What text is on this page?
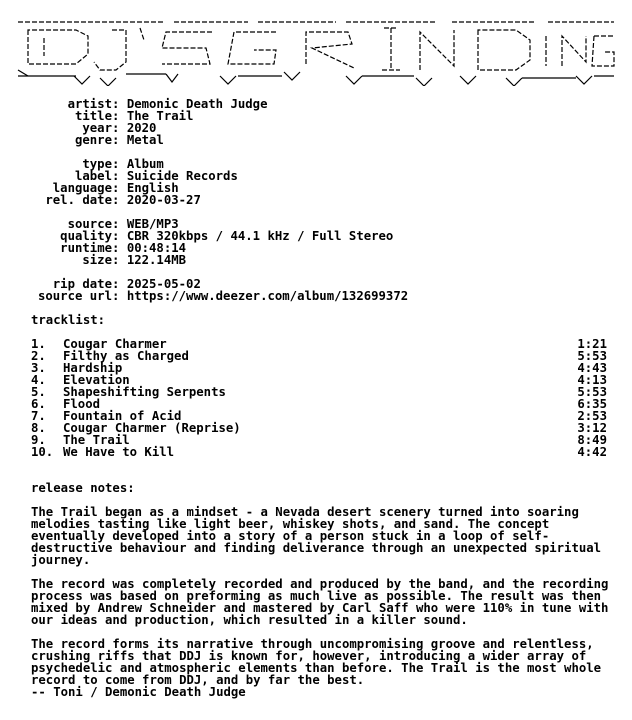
artist: Demonic Death Judge
title: The Trail
year: 2020
genre: Metal
type: Album
label: Suicide Records
language: English
rel. date: 2020-03-27
source: WEB/MP3
quality: CBR 320kbps / 44.1 kHz / Full Stereo
runtime: 00:48:14
size: 122.14MB
rip date: 2025-05-02
source url: https://www.deezer.com/album/132699372
tracklist:
1. Cougar Charmer	1:21
2. Filthy as Charged	5:53
3. Hardship	4:43
4. Elevation	4:13
5. Shapeshifting Serpents	5:53
6. Flood	6:35
7. Fountain of Acid	2:53
8. Cougar Charmer (Reprise)	3:12
9. The Trail	8:49
10. We Have to Kill	4:42
release notes:

The Trail began as a mindset - a Nevada desert scenery turned into soaring melodies tasting like light beer, whiskey shots, and sand. The concept eventually developed into a story of a person stuck in a loop of self-destructive behaviour and finding deliverance through an unexpected spiritual journey.

The record was completely recorded and produced by the band, and the recording process was based on preforming as much live as possible. The result was then mixed by Andrew Schneider and mastered by Carl Saff who were 110% in tune with our ideas and production, which resulted in a killer sound.

The record forms its narrative through uncompromising groove and relentless, crushing riffs that DDJ is known for, however, introducing a wider array of psychedelic and atmospheric elements than before. The Trail is the most whole record to come from DDJ, and by far the best.
-- Toni / Demonic Death Judge
